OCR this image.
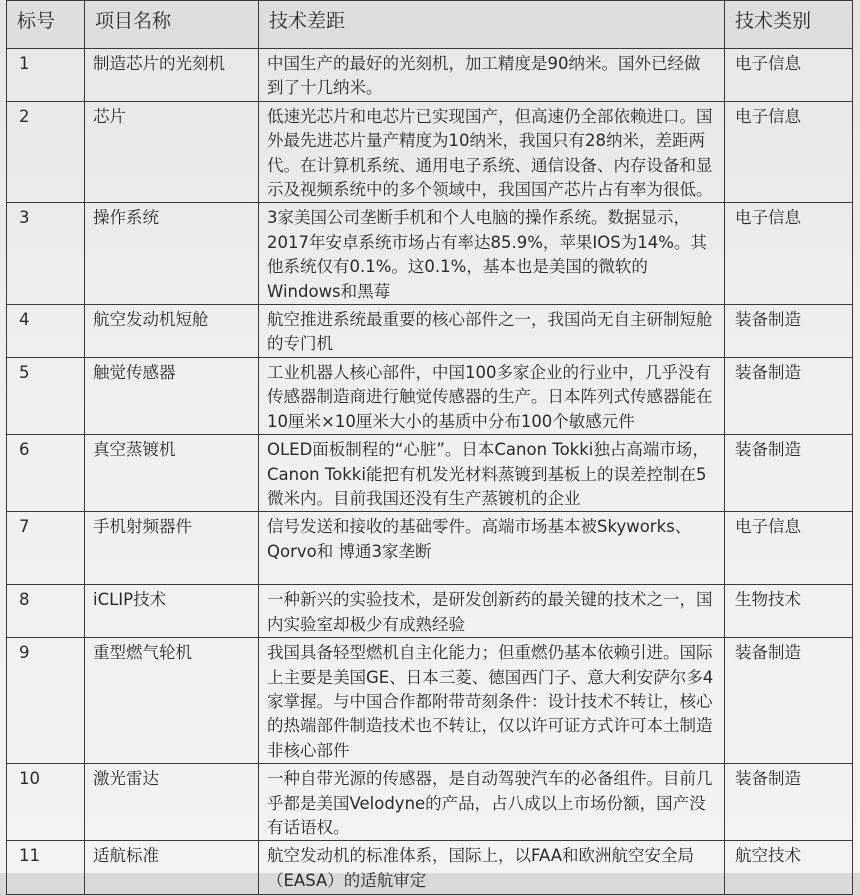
标号	项目名称	技术差距	技术类别
1	制造芯片的光刻机	中国生产的最好的光刻机，加工精度是90纳米。国外已经做到了十几纳米。	电子信息
2	芯片	低速光芯片和电芯片已实现国产，但高速仍全部依赖进口。国外最先进芯片量产精度为10纳米，我国只有28纳米，差距两代。在计算机系统、通用电子系统、通信设备、内存设备和显示及视频系统中的多个领域中，我国国产芯片占有率为很低。	电子信息
3	操作系统	3家美国公司垄断手机和个人电脑的操作系统。数据显示，2017年安卓系统市场占有率达85.9%，苹果IOS为14%。其他系统仅有0.1%。这0.1%，基本也是美国的微软的Windows和黑莓	电子信息
4	航空发动机短舱	航空推进系统最重要的核心部件之一，我国尚无自主研制短舱的专门机	装备制造
5	触觉传感器	工业机器人核心部件，中国100多家企业的行业中，几乎没有传感器制造商进行触觉传感器的生产。日本阵列式传感器能在10厘米×10厘米大小的基质中分布100个敏感元件	装备制造
6	真空蒸镀机	OLED面板制程的“心脏”。日本Canon Tokki独占高端市场，Canon Tokki能把有机发光材料蒸镀到基板上的误差控制在5微米内。目前我国还没有生产蒸镀机的企业	装备制造
7	手机射频器件	信号发送和接收的基础零件。高端市场基本被Skyworks、Qorvo和 博通3家垄断	电子信息
8	iCLIP技术	一种新兴的实验技术，是研发创新药的最关键的技术之一，国内实验室却极少有成熟经验	生物技术
9	重型燃气轮机	我国具备轻型燃机自主化能力；但重燃仍基本依赖引进。国际上主要是美国GE、日本三菱、德国西门子、意大利安萨尔多4家掌握。与中国合作都附带苛刻条件：设计技术不转让，核心的热端部件制造技术也不转让，仅以许可证方式许可本土制造非核心部件	装备制造
10	激光雷达	一种自带光源的传感器，是自动驾驶汽车的必备组件。目前几乎都是美国Velodyne的产品，占八成以上市场份额，国产没有话语权。	装备制造
11	适航标准	航空发动机的标准体系，国际上，以FAA和欧洲航空安全局（EASA）的适航审定	航空技术
